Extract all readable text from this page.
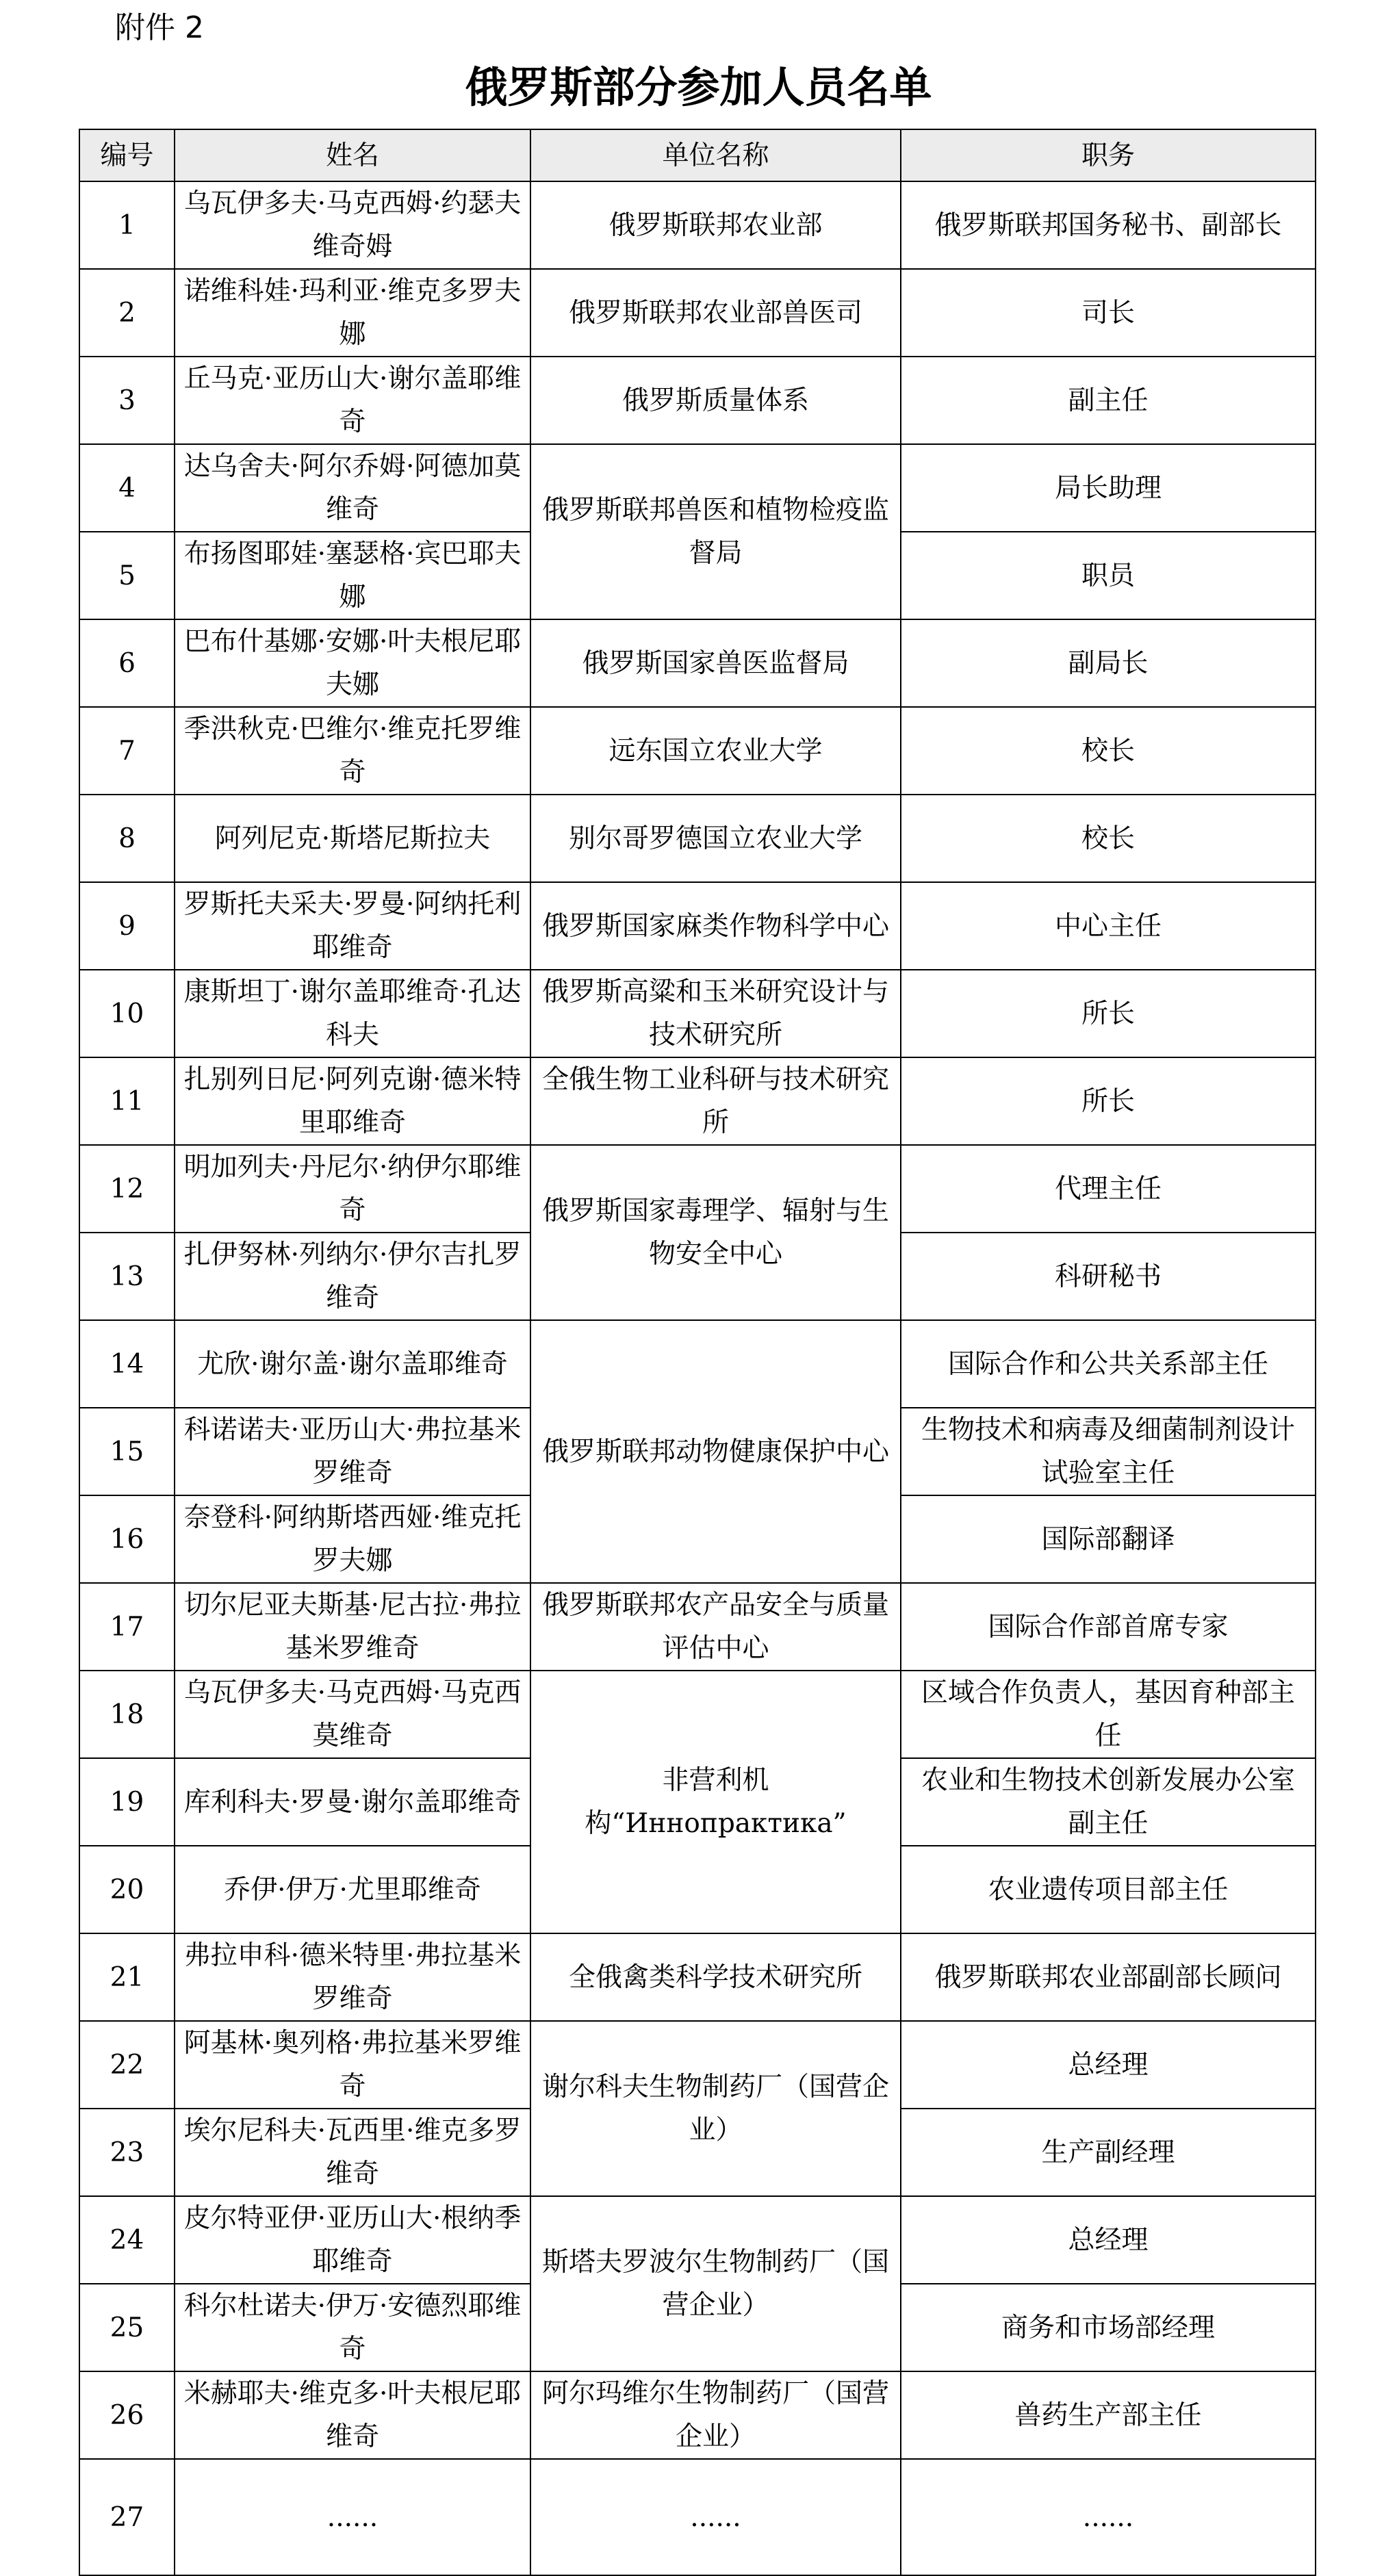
附件 2
俄罗斯部分参加人员名单
编号	姓名	单位名称	职务
1	乌瓦伊多夫·马克西姆·约瑟夫维奇姆	俄罗斯联邦农业部	俄罗斯联邦国务秘书、副部长
2	诺维科娃·玛利亚·维克多罗夫娜	俄罗斯联邦农业部兽医司	司长
3	丘马克·亚历山大·谢尔盖耶维奇	俄罗斯质量体系	副主任
4	达乌舍夫·阿尔乔姆·阿德加莫维奇	俄罗斯联邦兽医和植物检疫监督局	局长助理
5	布扬图耶娃·塞瑟格·宾巴耶夫娜		职员
6	巴布什基娜·安娜·叶夫根尼耶夫娜	俄罗斯国家兽医监督局	副局长
7	季洪秋克·巴维尔·维克托罗维奇	远东国立农业大学	校长
8	阿列尼克·斯塔尼斯拉夫	别尔哥罗德国立农业大学	校长
9	罗斯托夫采夫·罗曼·阿纳托利耶维奇	俄罗斯国家麻类作物科学中心	中心主任
10	康斯坦丁·谢尔盖耶维奇·孔达科夫	俄罗斯高粱和玉米研究设计与技术研究所	所长
11	扎别列日尼·阿列克谢·德米特里耶维奇	全俄生物工业科研与技术研究所	所长
12	明加列夫·丹尼尔·纳伊尔耶维奇	俄罗斯国家毒理学、辐射与生物安全中心	代理主任
13	扎伊努林·列纳尔·伊尔吉扎罗维奇		科研秘书
14	尤欣·谢尔盖·谢尔盖耶维奇	俄罗斯联邦动物健康保护中心	国际合作和公共关系部主任
15	科诺诺夫·亚历山大·弗拉基米罗维奇		生物技术和病毒及细菌制剂设计试验室主任
16	奈登科·阿纳斯塔西娅·维克托罗夫娜		国际部翻译
17	切尔尼亚夫斯基·尼古拉·弗拉基米罗维奇	俄罗斯联邦农产品安全与质量评估中心	国际合作部首席专家
18	乌瓦伊多夫·马克西姆·马克西莫维奇	非营利机构“Иннопрактика”	区域合作负责人，基因育种部主任
19	库利科夫·罗曼·谢尔盖耶维奇		农业和生物技术创新发展办公室副主任
20	乔伊·伊万·尤里耶维奇		农业遗传项目部主任
21	弗拉申科·德米特里·弗拉基米罗维奇	全俄禽类科学技术研究所	俄罗斯联邦农业部副部长顾问
22	阿基林·奥列格·弗拉基米罗维奇	谢尔科夫生物制药厂（国营企业）	总经理
23	埃尔尼科夫·瓦西里·维克多罗维奇		生产副经理
24	皮尔特亚伊·亚历山大·根纳季耶维奇	斯塔夫罗波尔生物制药厂（国营企业）	总经理
25	科尔杜诺夫·伊万·安德烈耶维奇		商务和市场部经理
26	米赫耶夫·维克多·叶夫根尼耶维奇	阿尔玛维尔生物制药厂（国营企业）	兽药生产部主任
27	......	......	......
